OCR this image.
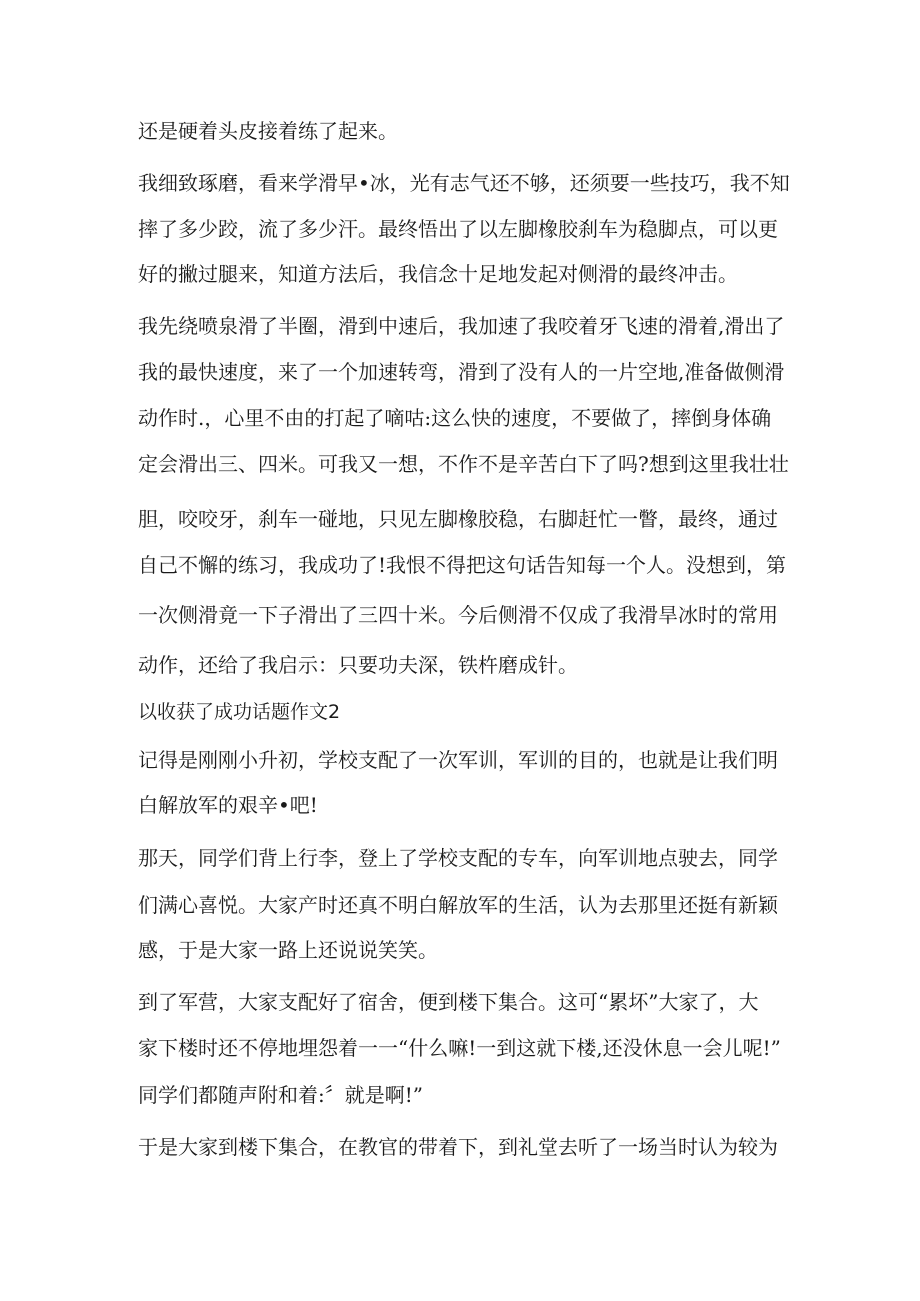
还是硬着头皮接着练了起来。
我细致琢磨，看来学滑早•冰，光有志气还不够，还须要一些技巧，我不知
摔了多少跤，流了多少汗。最终悟出了以左脚橡胶刹车为稳脚点，可以更
好的撇过腿来，知道方法后，我信念十足地发起对侧滑的最终冲击。
我先绕喷泉滑了半圈，滑到中速后，我加速了我咬着牙飞速的滑着,滑出了
我的最快速度，来了一个加速转弯，滑到了没有人的一片空地,准备做侧滑
动作时.，心里不由的打起了嘀咕:这么快的速度，不要做了，摔倒身体确
定会滑出三、四米。可我又一想，不作不是辛苦白下了吗?想到这里我壮壮
胆，咬咬牙，刹车一碰地，只见左脚橡胶稳，右脚赶忙一瞥，最终，通过
自己不懈的练习，我成功了!我恨不得把这句话告知每一个人。没想到，第
一次侧滑竟一下子滑出了三四十米。今后侧滑不仅成了我滑旱冰时的常用
动作，还给了我启示：只要功夫深，铁杵磨成针。
以收获了成功话题作文2
记得是刚刚小升初，学校支配了一次军训，军训的目的，也就是让我们明
白解放军的艰辛•吧!
那天，同学们背上行李，登上了学校支配的专车，向军训地点驶去，同学
们满心喜悦。大家产时还真不明白解放军的生活，认为去那里还挺有新颖
感，于是大家一路上还说说笑笑。
到了军营，大家支配好了宿舍，便到楼下集合。这可“累坏”大家了，大
家下楼时还不停地埋怨着一一“什么嘛!一到这就下楼,还没休息一会儿呢!”
同学们都随声附和着:〞就是啊!”
于是大家到楼下集合，在教官的带着下，到礼堂去听了一场当时认为较为
